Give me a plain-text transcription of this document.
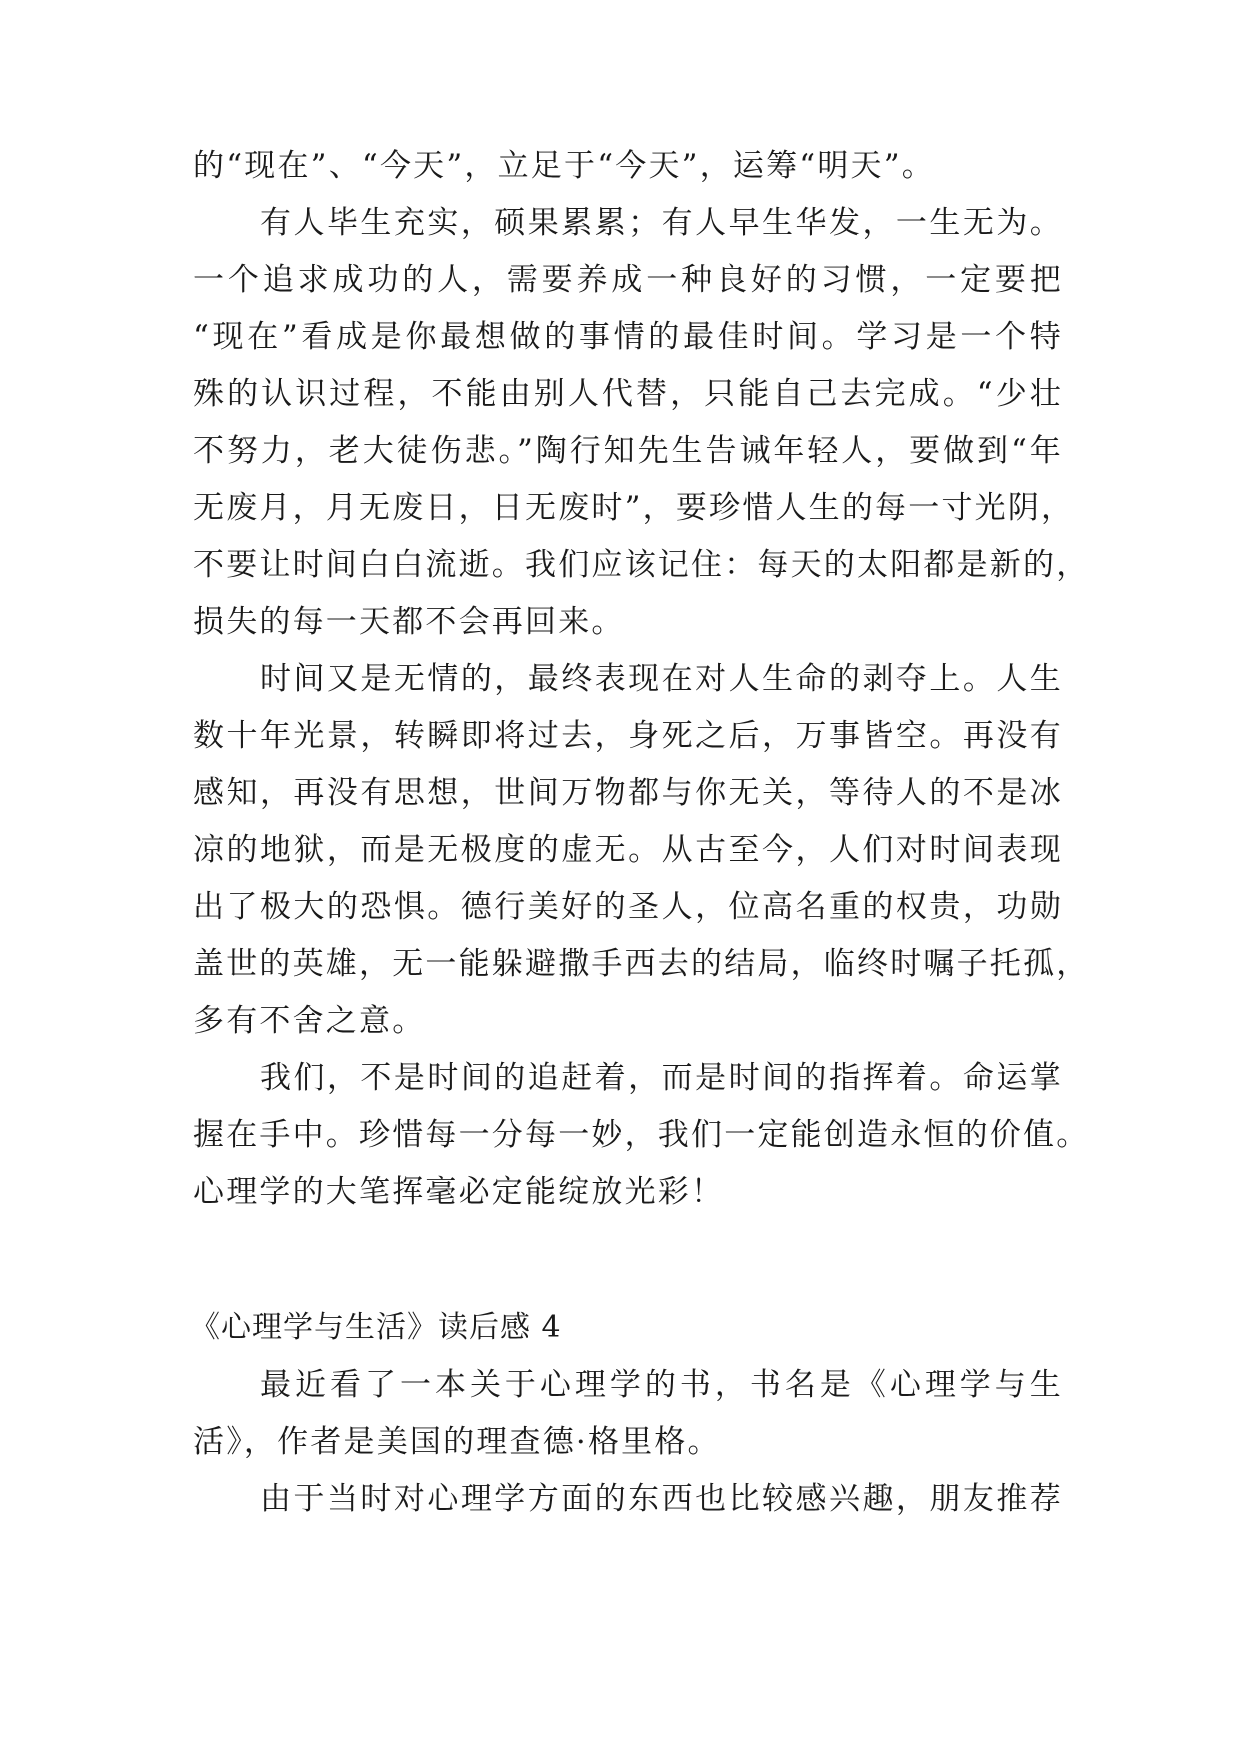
的“现在”、“今天”，立足于“今天”，运筹“明天”。

有人毕生充实，硕果累累；有人早生华发，一生无为。

一个追求成功的人，需要养成一种良好的习惯，一定要把

“现在”看成是你最想做的事情的最佳时间。学习是一个特

殊的认识过程，不能由别人代替，只能自己去完成。“少壮

不努力，老大徒伤悲。”陶行知先生告诫年轻人，要做到“年

无废月，月无废日，日无废时”，要珍惜人生的每一寸光阴，

不要让时间白白流逝。我们应该记住：每天的太阳都是新的，

损失的每一天都不会再回来。

时间又是无情的，最终表现在对人生命的剥夺上。人生

数十年光景，转瞬即将过去，身死之后，万事皆空。再没有

感知，再没有思想，世间万物都与你无关，等待人的不是冰

凉的地狱，而是无极度的虚无。从古至今，人们对时间表现

出了极大的恐惧。德行美好的圣人，位高名重的权贵，功勋

盖世的英雄，无一能躲避撒手西去的结局，临终时嘱子托孤，

多有不舍之意。

我们，不是时间的追赶着，而是时间的指挥着。命运掌

握在手中。珍惜每一分每一妙，我们一定能创造永恒的价值。

心理学的大笔挥毫必定能绽放光彩！

《心理学与生活》读后感 4

最近看了一本关于心理学的书，书名是《心理学与生

活》，作者是美国的理查德·格里格。

由于当时对心理学方面的东西也比较感兴趣，朋友推荐
